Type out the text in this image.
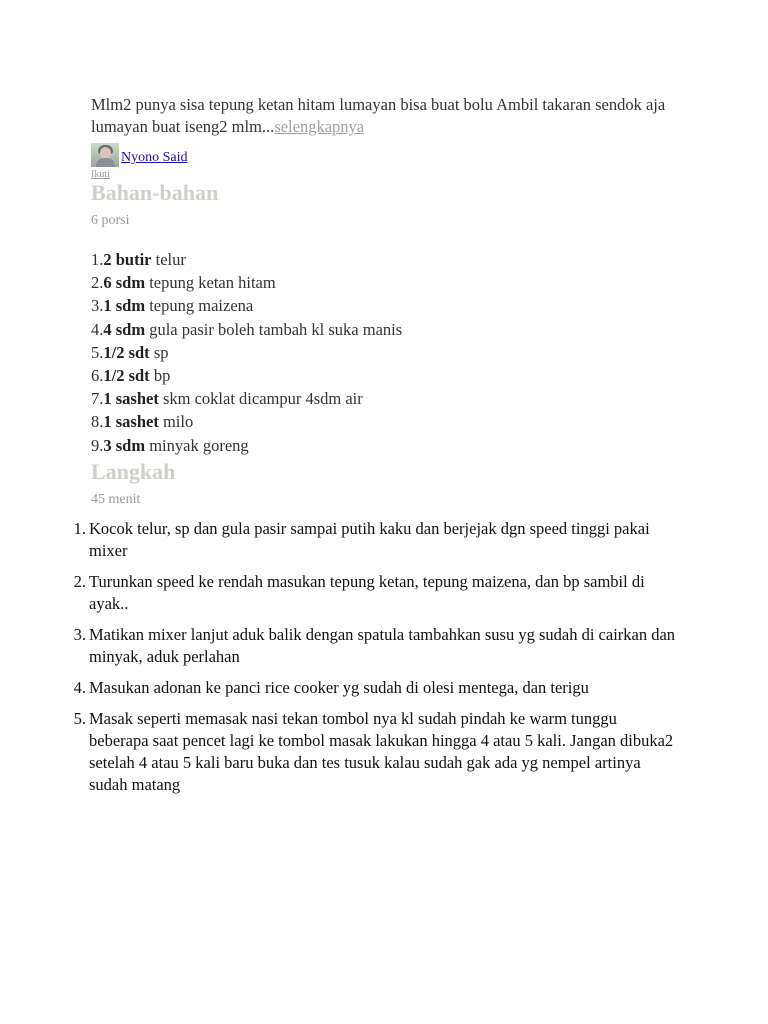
Mlm2 punya sisa tepung ketan hitam lumayan bisa buat bolu Ambil takaran sendok aja lumayan buat iseng2 mlm...selengkapnya

Nyono Said
Ikuti
Bahan-bahan
6 porsi
1.2 butir telur
2.6 sdm tepung ketan hitam
3.1 sdm tepung maizena
4.4 sdm gula pasir boleh tambah kl suka manis
5.1/2 sdt sp
6.1/2 sdt bp
7.1 sashet skm coklat dicampur 4sdm air
8.1 sashet milo
9.3 sdm minyak goreng
Langkah
45 menit
1. Kocok telur, sp dan gula pasir sampai putih kaku dan berjejak dgn speed tinggi pakai mixer
2. Turunkan speed ke rendah masukan tepung ketan, tepung maizena, dan bp sambil di ayak..
3. Matikan mixer lanjut aduk balik dengan spatula tambahkan susu yg sudah di cairkan dan minyak, aduk perlahan
4. Masukan adonan ke panci rice cooker yg sudah di olesi mentega, dan terigu
5. Masak seperti memasak nasi tekan tombol nya kl sudah pindah ke warm tunggu beberapa saat pencet lagi ke tombol masak lakukan hingga 4 atau 5 kali. Jangan dibuka2 setelah 4 atau 5 kali baru buka dan tes tusuk kalau sudah gak ada yg nempel artinya sudah matang
